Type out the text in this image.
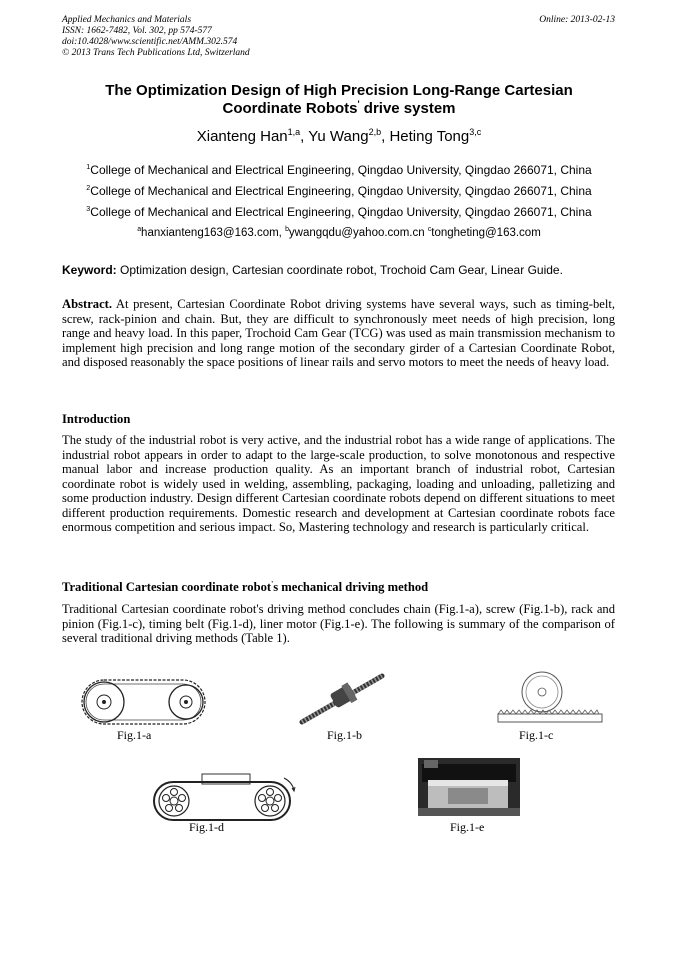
Applied Mechanics and Materials
ISSN: 1662-7482, Vol. 302, pp 574-577
doi:10.4028/www.scientific.net/AMM.302.574
© 2013 Trans Tech Publications Ltd, Switzerland
Online: 2013-02-13
The Optimization Design of High Precision Long-Range Cartesian
Coordinate Robots' drive system
Xianteng Han$^{1,a}$, Yu Wang$^{2,b}$, Heting Tong$^{3,c}$
$^1$College of Mechanical and Electrical Engineering, Qingdao University, Qingdao 266071, China
$^2$College of Mechanical and Electrical Engineering, Qingdao University, Qingdao 266071, China
$^3$College of Mechanical and Electrical Engineering, Qingdao University, Qingdao 266071, China
$^a$hanxianteng163@163.com, $^b$ywangqdu@yahoo.com.cn $^c$tongheting@163.com
Keyword: Optimization design, Cartesian coordinate robot, Trochoid Cam Gear, Linear Guide.
Abstract. At present, Cartesian Coordinate Robot driving systems have several ways, such as timing-belt, screw, rack-pinion and chain. But, they are difficult to synchronously meet needs of high precision, long range and heavy load. In this paper, Trochoid Cam Gear (TCG) was used as main transmission mechanism to implement high precision and long range motion of the secondary girder of a Cartesian Coordinate Robot, and disposed reasonably the space positions of linear rails and servo motors to meet the needs of heavy load.
Introduction
The study of the industrial robot is very active, and the industrial robot has a wide range of applications. The industrial robot appears in order to adapt to the large-scale production, to solve monotonous and respective manual labor and increase production quality. As an important branch of industrial robot, Cartesian coordinate robot is widely used in welding, assembling, packaging, loading and unloading, palletizing and some production industry. Design different Cartesian coordinate robots depend on different situations to meet different production requirements. Domestic research and development at Cartesian coordinate robots face enormous competition and serious impact. So, Mastering technology and research is particularly critical.
Traditional Cartesian coordinate robot's mechanical driving method
Traditional Cartesian coordinate robot's driving method concludes chain (Fig.1-a), screw (Fig.1-b), rack and pinion (Fig.1-c), timing belt (Fig.1-d), liner motor (Fig.1-e). The following is summary of the comparison of several traditional driving methods (Table 1).
Fig.1-a	Fig.1-b	Fig.1-c
Fig.1-d	Fig.1-e
